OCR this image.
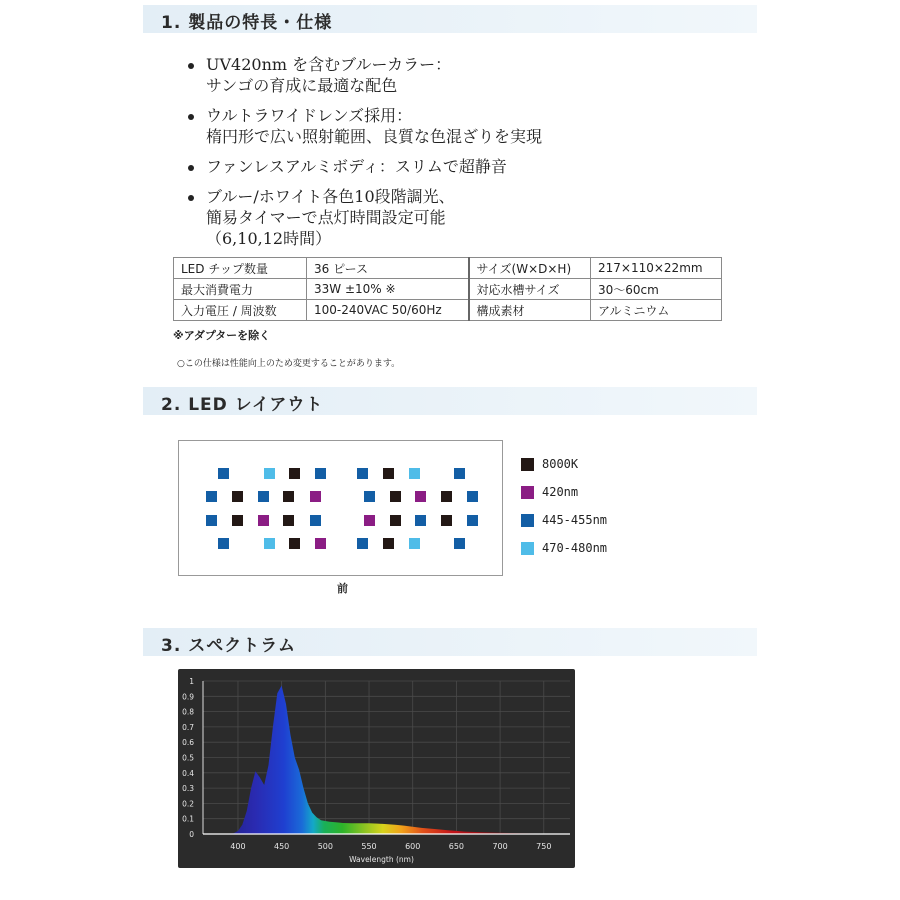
1. 製品の特長・仕様
UV420nm を含むブルーカラー：
サンゴの育成に最適な配色
ウルトラワイドレンズ採用：
楕円形で広い照射範囲、良質な色混ざりを実現
ファンレスアルミボディ：スリムで超静音
ブルー/ホワイト各色10段階調光、
簡易タイマーで点灯時間設定可能
（6,10,12時間）
LED チップ数量	36 ピース	サイズ(W×D×H)	217×110×22mm
最大消費電力	33W ±10% ※	対応水槽サイズ	30〜60cm
入力電圧 / 周波数	100-240VAC 50/60Hz	構成素材	アルミニウム
※アダプターを除く
○この仕様は性能向上のため変更することがあります。
2. LED レイアウト
前
8000K
420nm
445-455nm
470-480nm
3. スペクトラム
0
0.1
0.2
0.3
0.4
0.5
0.6
0.7
0.8
0.9
1
400	450	500	550	600	650	700	750
Wavelength (nm)
